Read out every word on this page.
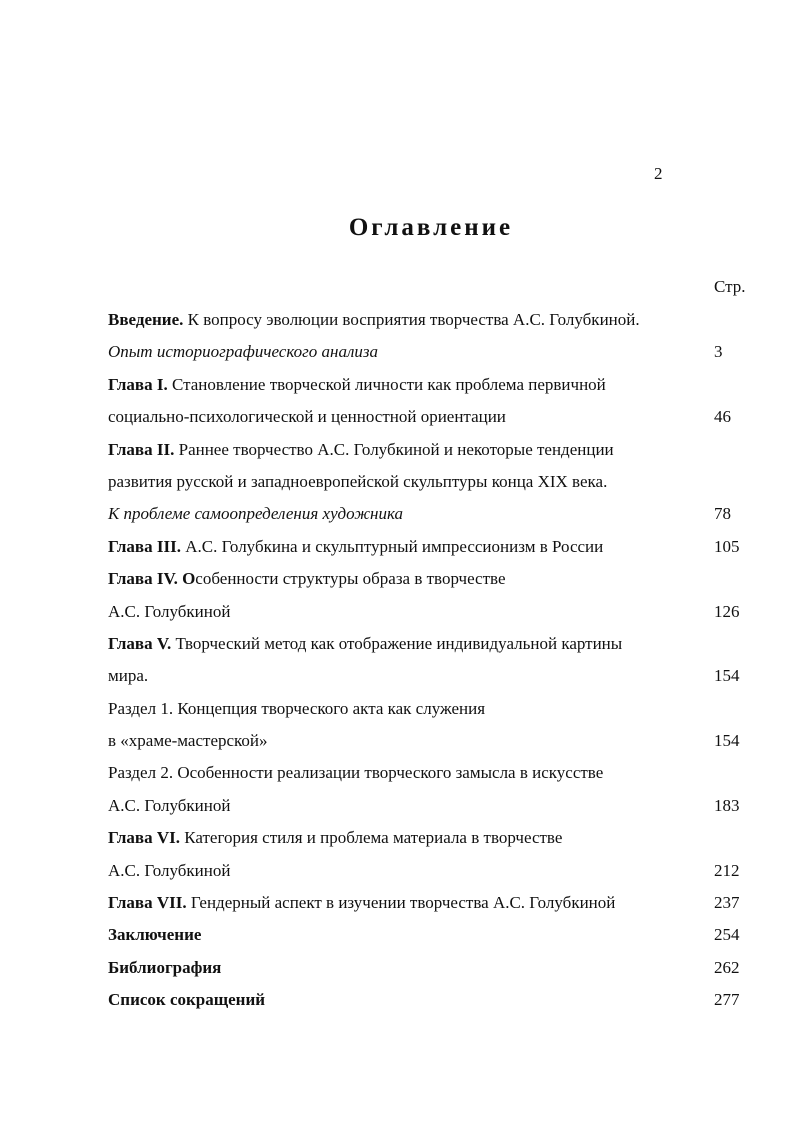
2
Оглавление
Стр.
Введение. К вопросу эволюции восприятия творчества А.С. Голубкиной.
Опыт историографического анализа	3
Глава I. Становление творческой личности как проблема первичной
социально-психологической и ценностной ориентации	46
Глава II. Раннее творчество А.С. Голубкиной и некоторые тенденции
развития русской и западноевропейской скульптуры конца XIX века.
К проблеме самоопределения художника	78
Глава III. А.С. Голубкина и скульптурный импрессионизм в России	105
Глава IV. Особенности структуры образа в творчестве
А.С. Голубкиной	126
Глава V. Творческий метод как отображение индивидуальной картины
мира.	154
Раздел 1. Концепция творческого акта как служения
в «храме-мастерской»	154
Раздел 2. Особенности реализации творческого замысла в искусстве
А.С. Голубкиной	183
Глава VI. Категория стиля и проблема материала в творчестве
А.С. Голубкиной	212
Глава VII. Гендерный аспект в изучении творчества А.С. Голубкиной	237
Заключение	254
Библиография	262
Список сокращений	277
